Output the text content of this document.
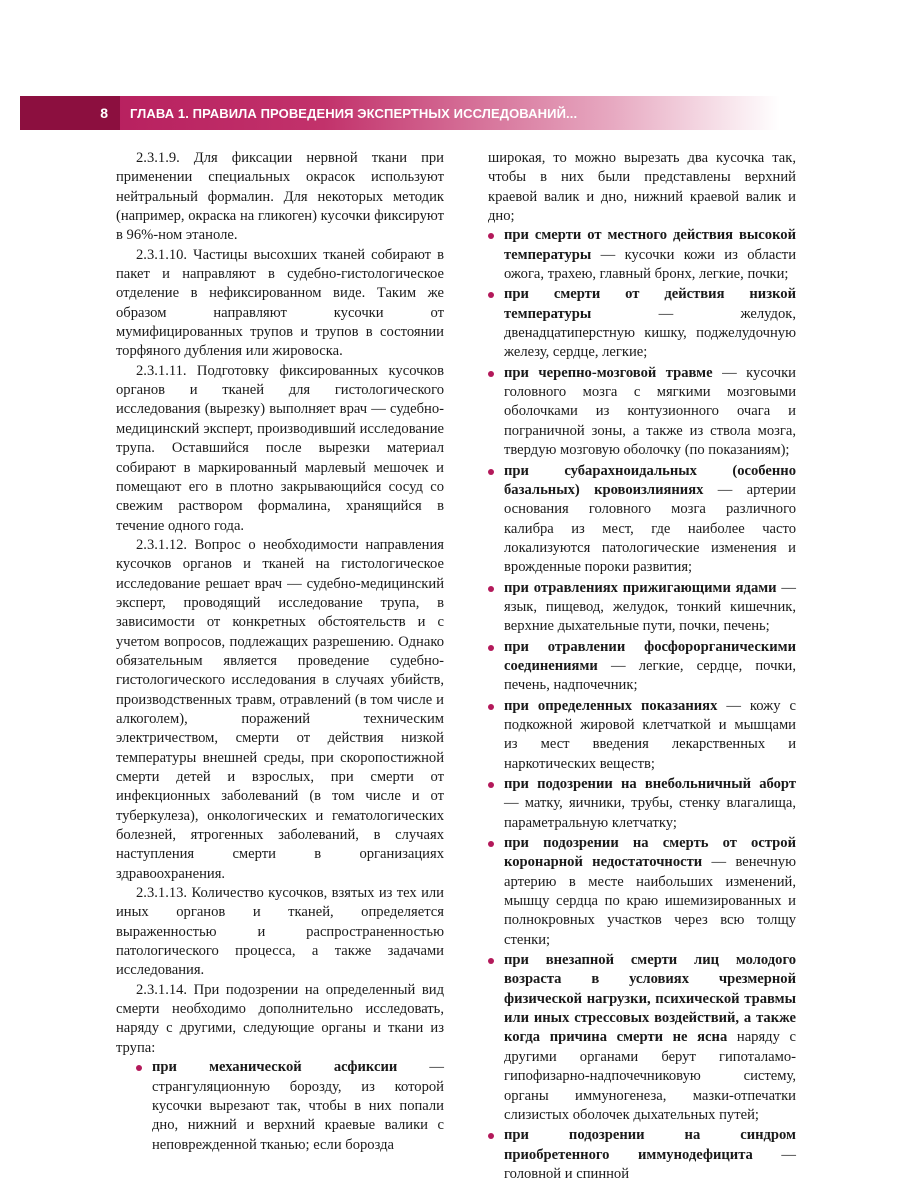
8	ГЛАВА 1. ПРАВИЛА ПРОВЕДЕНИЯ ЭКСПЕРТНЫХ ИССЛЕДОВАНИЙ...

2.3.1.9. Для фиксации нервной ткани при применении специальных окрасок используют нейтральный формалин. Для некоторых методик (например, окраска на гликоген) кусочки фиксируют в 96%-ном этаноле.

2.3.1.10. Частицы высохших тканей собирают в пакет и направляют в судебно-гистологическое отделение в нефиксированном виде. Таким же образом направляют кусочки от мумифицированных трупов и трупов в состоянии торфяного дубления или жировоска.

2.3.1.11. Подготовку фиксированных кусочков органов и тканей для гистологического исследования (вырезку) выполняет врач — судебно-медицинский эксперт, производивший исследование трупа. Оставшийся после вырезки материал собирают в маркированный марлевый мешочек и помещают его в плотно закрывающийся сосуд со свежим раствором формалина, хранящийся в течение одного года.

2.3.1.12. Вопрос о необходимости направления кусочков органов и тканей на гистологическое исследование решает врач — судебно-медицинский эксперт, проводящий исследование трупа, в зависимости от конкретных обстоятельств и с учетом вопросов, подлежащих разрешению. Однако обязательным является проведение судебно-гистологического исследования в случаях убийств, производственных травм, отравлений (в том числе и алкоголем), поражений техническим электричеством, смерти от действия низкой температуры внешней среды, при скоропостижной смерти детей и взрослых, при смерти от инфекционных заболеваний (в том числе и от туберкулеза), онкологических и гематологических болезней, ятрогенных заболеваний, в случаях наступления смерти в организациях здравоохранения.

2.3.1.13. Количество кусочков, взятых из тех или иных органов и тканей, определяется выраженностью и распространенностью патологического процесса, а также задачами исследования.

2.3.1.14. При подозрении на определенный вид смерти необходимо дополнительно исследовать, наряду с другими, следующие органы и ткани из трупа:

при механической асфиксии — странгуляционную борозду, из которой кусочки вырезают так, чтобы в них попали дно, нижний и верхний краевые валики с неповрежденной тканью; если борозда

широкая, то можно вырезать два кусочка так, чтобы в них были представлены верхний краевой валик и дно, нижний краевой валик и дно;

при смерти от местного действия высокой температуры — кусочки кожи из области ожога, трахею, главный бронх, легкие, почки;
при смерти от действия низкой температуры — желудок, двенадцатиперстную кишку, поджелудочную железу, сердце, легкие;
при черепно-мозговой травме — кусочки головного мозга с мягкими мозговыми оболочками из контузионного очага и пограничной зоны, а также из ствола мозга, твердую мозговую оболочку (по показаниям);
при субарахноидальных (особенно базальных) кровоизлияниях — артерии основания головного мозга различного калибра из мест, где наиболее часто локализуются патологические изменения и врожденные пороки развития;
при отравлениях прижигающими ядами — язык, пищевод, желудок, тонкий кишечник, верхние дыхательные пути, почки, печень;
при отравлении фосфорорганическими соединениями — легкие, сердце, почки, печень, надпочечник;
при определенных показаниях — кожу с подкожной жировой клетчаткой и мышцами из мест введения лекарственных и наркотических веществ;
при подозрении на внебольничный аборт — матку, яичники, трубы, стенку влагалища, параметральную клетчатку;
при подозрении на смерть от острой коронарной недостаточности — венечную артерию в месте наибольших изменений, мышцу сердца по краю ишемизированных и полнокровных участков через всю толщу стенки;
при внезапной смерти лиц молодого возраста в условиях чрезмерной физической нагрузки, психической травмы или иных стрессовых воздействий, а также когда причина смерти не ясна наряду с другими органами берут гипоталамо-гипофизарно-надпочечниковую систему, органы иммуногенеза, мазки-отпечатки слизистых оболочек дыхательных путей;
при подозрении на синдром приобретенного иммунодефицита — головной и спинной
